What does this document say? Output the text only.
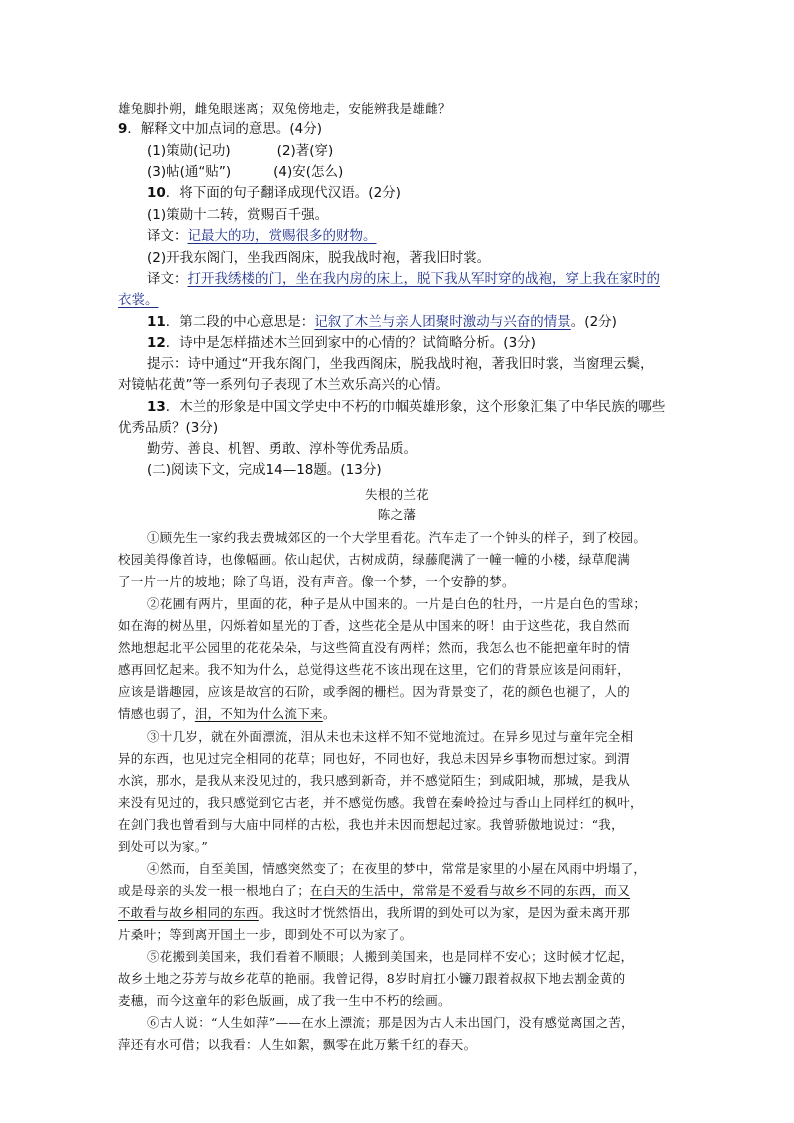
雄兔脚扑朔，雌兔眼迷离；双兔傍地走，安能辨我是雄雌？
9．解释文中加点词的意思。(4分)
(1)策勋(记功)	(2)著(穿)
(3)帖(通“贴”)	(4)安(怎么)
10．将下面的句子翻译成现代汉语。(2分)
(1)策勋十二转，赏赐百千强。
译文：记最大的功，赏赐很多的财物。
(2)开我东阁门，坐我西阁床，脱我战时袍，著我旧时裳。
译文：打开我绣楼的门，坐在我内房的床上，脱下我从军时穿的战袍，穿上我在家时的
衣裳。
11．第二段的中心意思是：记叙了木兰与亲人团聚时激动与兴奋的情景。(2分)
12．诗中是怎样描述木兰回到家中的心情的？试简略分析。(3分)
提示：诗中通过“开我东阁门，坐我西阁床，脱我战时袍，著我旧时裳，当窗理云鬓，
对镜帖花黄”等一系列句子表现了木兰欢乐高兴的心情。
13．木兰的形象是中国文学史中不朽的巾帼英雄形象，这个形象汇集了中华民族的哪些
优秀品质？(3分)
勤劳、善良、机智、勇敢、淳朴等优秀品质。
(二)阅读下文，完成14—18题。(13分)
失根的兰花
陈之藩
①顾先生一家约我去费城郊区的一个大学里看花。汽车走了一个钟头的样子，到了校园。
校园美得像首诗，也像幅画。依山起伏，古树成荫，绿藤爬满了一幢一幢的小楼，绿草爬满
了一片一片的坡地；除了鸟语，没有声音。像一个梦，一个安静的梦。
②花圃有两片，里面的花，种子是从中国来的。一片是白色的牡丹，一片是白色的雪球；
如在海的树丛里，闪烁着如星光的丁香，这些花全是从中国来的呀！由于这些花，我自然而
然地想起北平公园里的花花朵朵，与这些简直没有两样；然而，我怎么也不能把童年时的情
感再回忆起来。我不知为什么，总觉得这些花不该出现在这里，它们的背景应该是问雨轩，
应该是谐趣园，应该是故宫的石阶，或季阁的栅栏。因为背景变了，花的颜色也褪了，人的
情感也弱了，泪，不知为什么流下来。
③十几岁，就在外面漂流，泪从未也未这样不知不觉地流过。在异乡见过与童年完全相
异的东西，也见过完全相同的花草；同也好，不同也好，我总未因异乡事物而想过家。到渭
水滨，那水，是我从来没见过的，我只感到新奇，并不感觉陌生；到咸阳城，那城，是我从
来没有见过的，我只感觉到它古老，并不感觉伤感。我曾在秦岭捡过与香山上同样红的枫叶，
在剑门我也曾看到与大庙中同样的古松，我也并未因而想起过家。我曾骄傲地说过：“我，
到处可以为家。”
④然而，自至美国，情感突然变了；在夜里的梦中，常常是家里的小屋在风雨中坍塌了，
或是母亲的头发一根一根地白了；在白天的生活中，常常是不爱看与故乡不同的东西，而又
不敢看与故乡相同的东西。我这时才恍然悟出，我所谓的到处可以为家，是因为蚕未离开那
片桑叶；等到离开国土一步，即到处不可以为家了。
⑤花搬到美国来，我们看着不顺眼；人搬到美国来，也是同样不安心；这时候才忆起，
故乡土地之芬芳与故乡花草的艳丽。我曾记得，8岁时肩扛小镰刀跟着叔叔下地去割金黄的
麦穗，而今这童年的彩色版画，成了我一生中不朽的绘画。
⑥古人说：“人生如萍”——在水上漂流；那是因为古人未出国门，没有感觉离国之苦，
萍还有水可借；以我看：人生如絮，飘零在此万紫千红的春天。
